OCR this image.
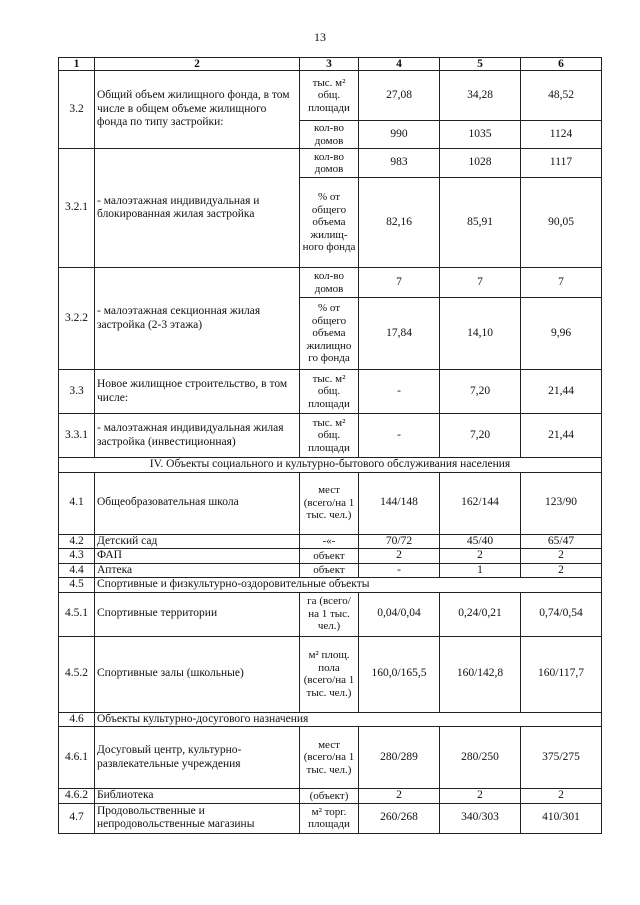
13
1	2	3	4	5	6
3.2	Общий объем жилищного фонда, в том числе в общем объеме жилищного фонда по типу застройки:	тыс. м² общ. площади	27,08	34,28	48,52
		кол-во домов	990	1035	1124
3.2.1	- малоэтажная индивидуальная и блокированная жилая застройка	кол-во домов	983	1028	1117
		% от общего объема жилищ-ного фонда	82,16	85,91	90,05
3.2.2	- малоэтажная секционная жилая застройка (2-3 этажа)	кол-во домов	7	7	7
		% от общего объема жилищно го фонда	17,84	14,10	9,96
3.3	Новое жилищное строительство, в том числе:	тыс. м² общ. площади	-	7,20	21,44
3.3.1	- малоэтажная индивидуальная жилая застройка (инвестиционная)	тыс. м² общ. площади	-	7,20	21,44
IV. Объекты социального и культурно-бытового обслуживания населения					
4.1	Общеобразовательная школа	мест (всего/на 1 тыс. чел.)	144/148	162/144	123/90
4.2	Детский сад	-«-	70/72	45/40	65/47
4.3	ФАП	объект	2	2	2
4.4	Аптека	объект	-	1	2
4.5	Спортивные и физкультурно-оздоровительные объекты				
4.5.1	Спортивные территории	га (всего/ на 1 тыс. чел.)	0,04/0,04	0,24/0,21	0,74/0,54
4.5.2	Спортивные залы (школьные)	м² площ. пола (всего/на 1 тыс. чел.)	160,0/165,5	160/142,8	160/117,7
4.6	Объекты культурно-досугового назначения				
4.6.1	Досуговый центр, культурно-развлекательные учреждения	мест (всего/на 1 тыс. чел.)	280/289	280/250	375/275
4.6.2	Библиотека	(объект)	2	2	2
4.7	Продовольственные и непродовольственные магазины	м² торг. площади	260/268	340/303	410/301
